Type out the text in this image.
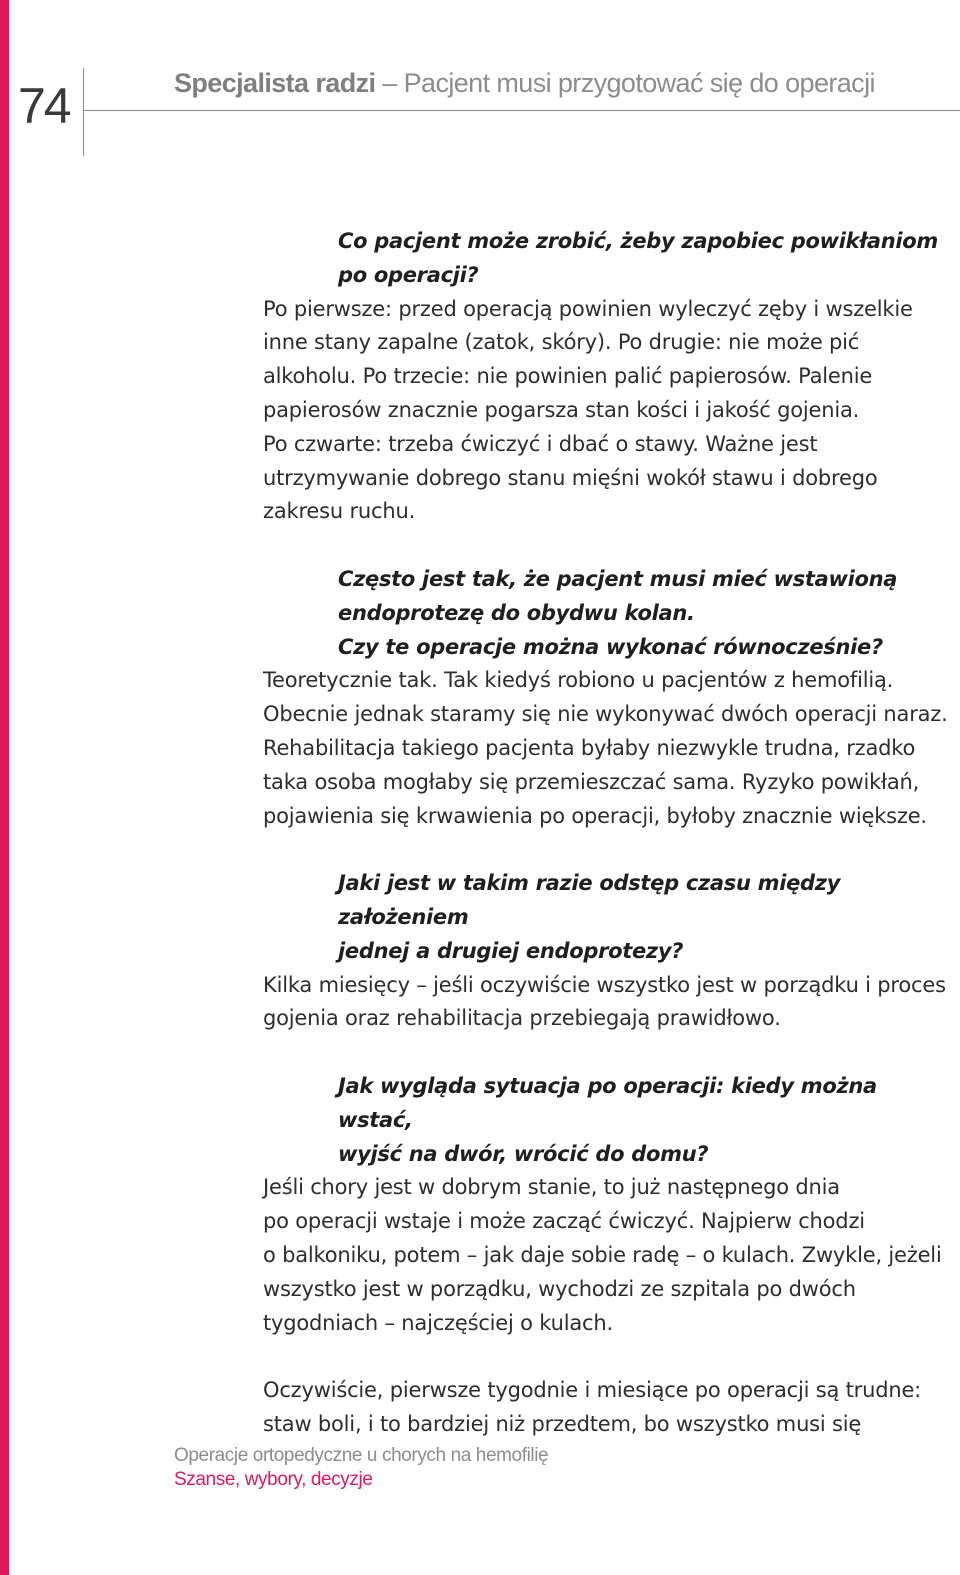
74	Specjalista radzi – Pacjent musi przygotować się do operacji

Co pacjent może zrobić, żeby zapobiec powikłaniom

po operacji?

Po pierwsze: przed operacją powinien wyleczyć zęby i wszelkie

inne stany zapalne (zatok, skóry). Po drugie: nie może pić

alkoholu. Po trzecie: nie powinien palić papierosów. Palenie

papierosów znacznie pogarsza stan kości i jakość gojenia.

Po czwarte: trzeba ćwiczyć i dbać o stawy. Ważne jest

utrzymywanie dobrego stanu mięśni wokół stawu i dobrego

zakresu ruchu.

Często jest tak, że pacjent musi mieć wstawioną

endoprotezę do obydwu kolan.

Czy te operacje można wykonać równocześnie?

Teoretycznie tak. Tak kiedyś robiono u pacjentów z hemofilią.

Obecnie jednak staramy się nie wykonywać dwóch operacji naraz.

Rehabilitacja takiego pacjenta byłaby niezwykle trudna, rzadko

taka osoba mogłaby się przemieszczać sama. Ryzyko powikłań,

pojawienia się krwawienia po operacji, byłoby znacznie większe.

Jaki jest w takim razie odstęp czasu między założeniem

jednej a drugiej endoprotezy?

Kilka miesięcy – jeśli oczywiście wszystko jest w porządku i proces

gojenia oraz rehabilitacja przebiegają prawidłowo.

Jak wygląda sytuacja po operacji: kiedy można wstać,

wyjść na dwór, wrócić do domu?

Jeśli chory jest w dobrym stanie, to już następnego dnia

po operacji wstaje i może zacząć ćwiczyć. Najpierw chodzi

o balkoniku, potem – jak daje sobie radę – o kulach. Zwykle, jeżeli

wszystko jest w porządku, wychodzi ze szpitala po dwóch

tygodniach – najczęściej o kulach.

Oczywiście, pierwsze tygodnie i miesiące po operacji są trudne:

staw boli, i to bardziej niż przedtem, bo wszystko musi się

Operacje ortopedyczne u chorych na hemofilię
Szanse, wybory, decyzje
